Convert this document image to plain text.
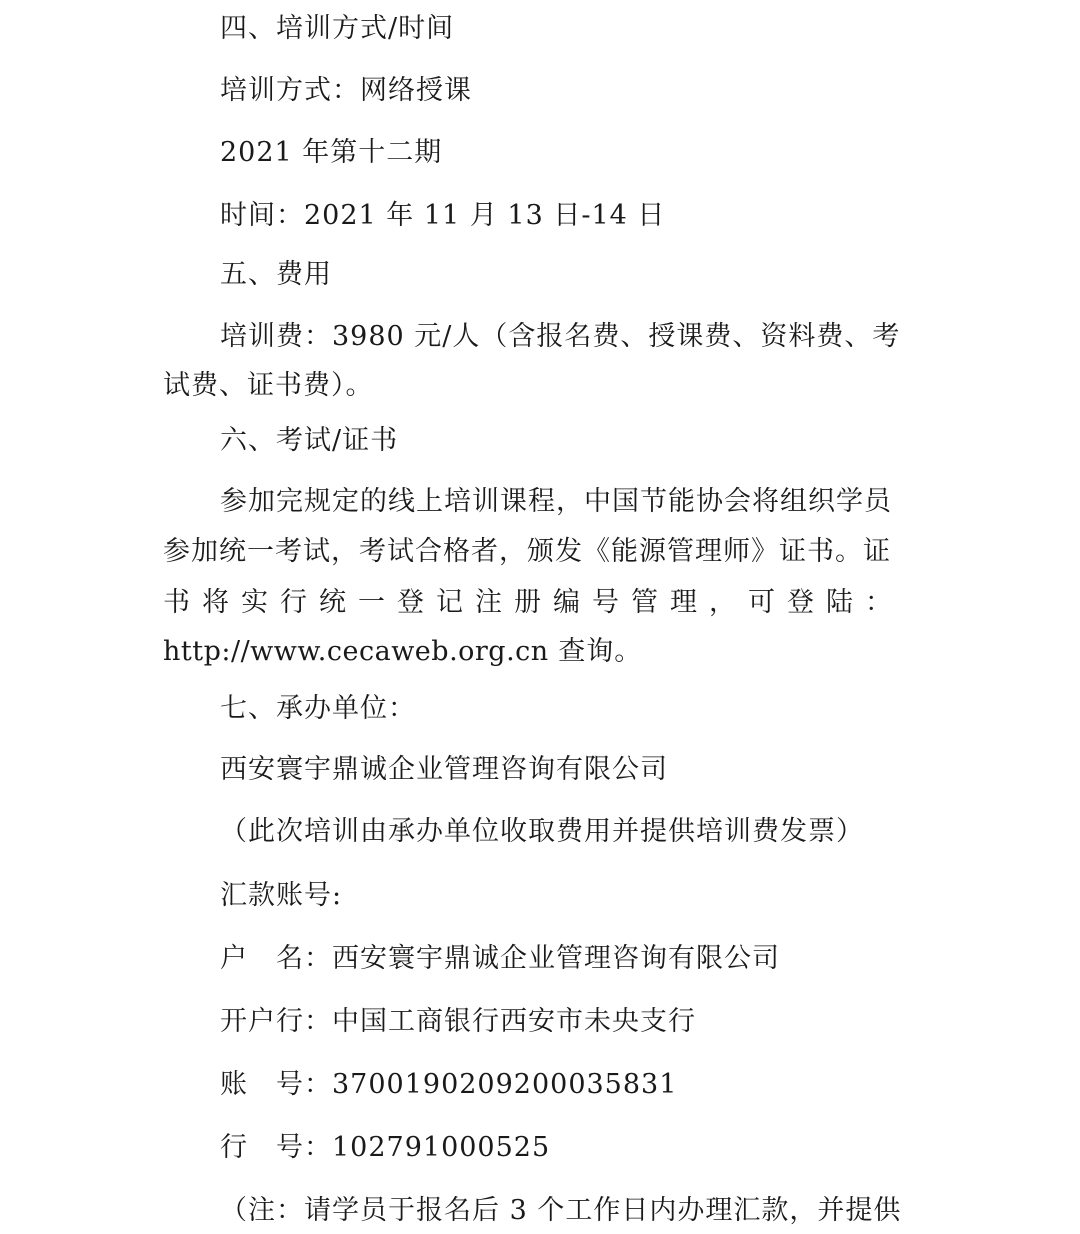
四、培训方式/时间
培训方式：网络授课
2021 年第十二期
时间：2021 年 11 月 13 日-14 日
五、费用
培训费：3980 元/人（含报名费、授课费、资料费、考
试费、证书费）。
六、考试/证书
参加完规定的线上培训课程，中国节能协会将组织学员
参加统一考试，考试合格者，颁发《能源管理师》证书。证
书 将 实 行 统 一 登 记 注 册 编 号 管 理 ， 可 登 陆 ：
http://www.cecaweb.org.cn 查询。
七、承办单位：
西安寰宇鼎诚企业管理咨询有限公司
（此次培训由承办单位收取费用并提供培训费发票）
汇款账号:
户　名：西安寰宇鼎诚企业管理咨询有限公司
开户行：中国工商银行西安市未央支行
账　号：3700190209200035831
行　号：102791000525
（注：请学员于报名后 3 个工作日内办理汇款，并提供
